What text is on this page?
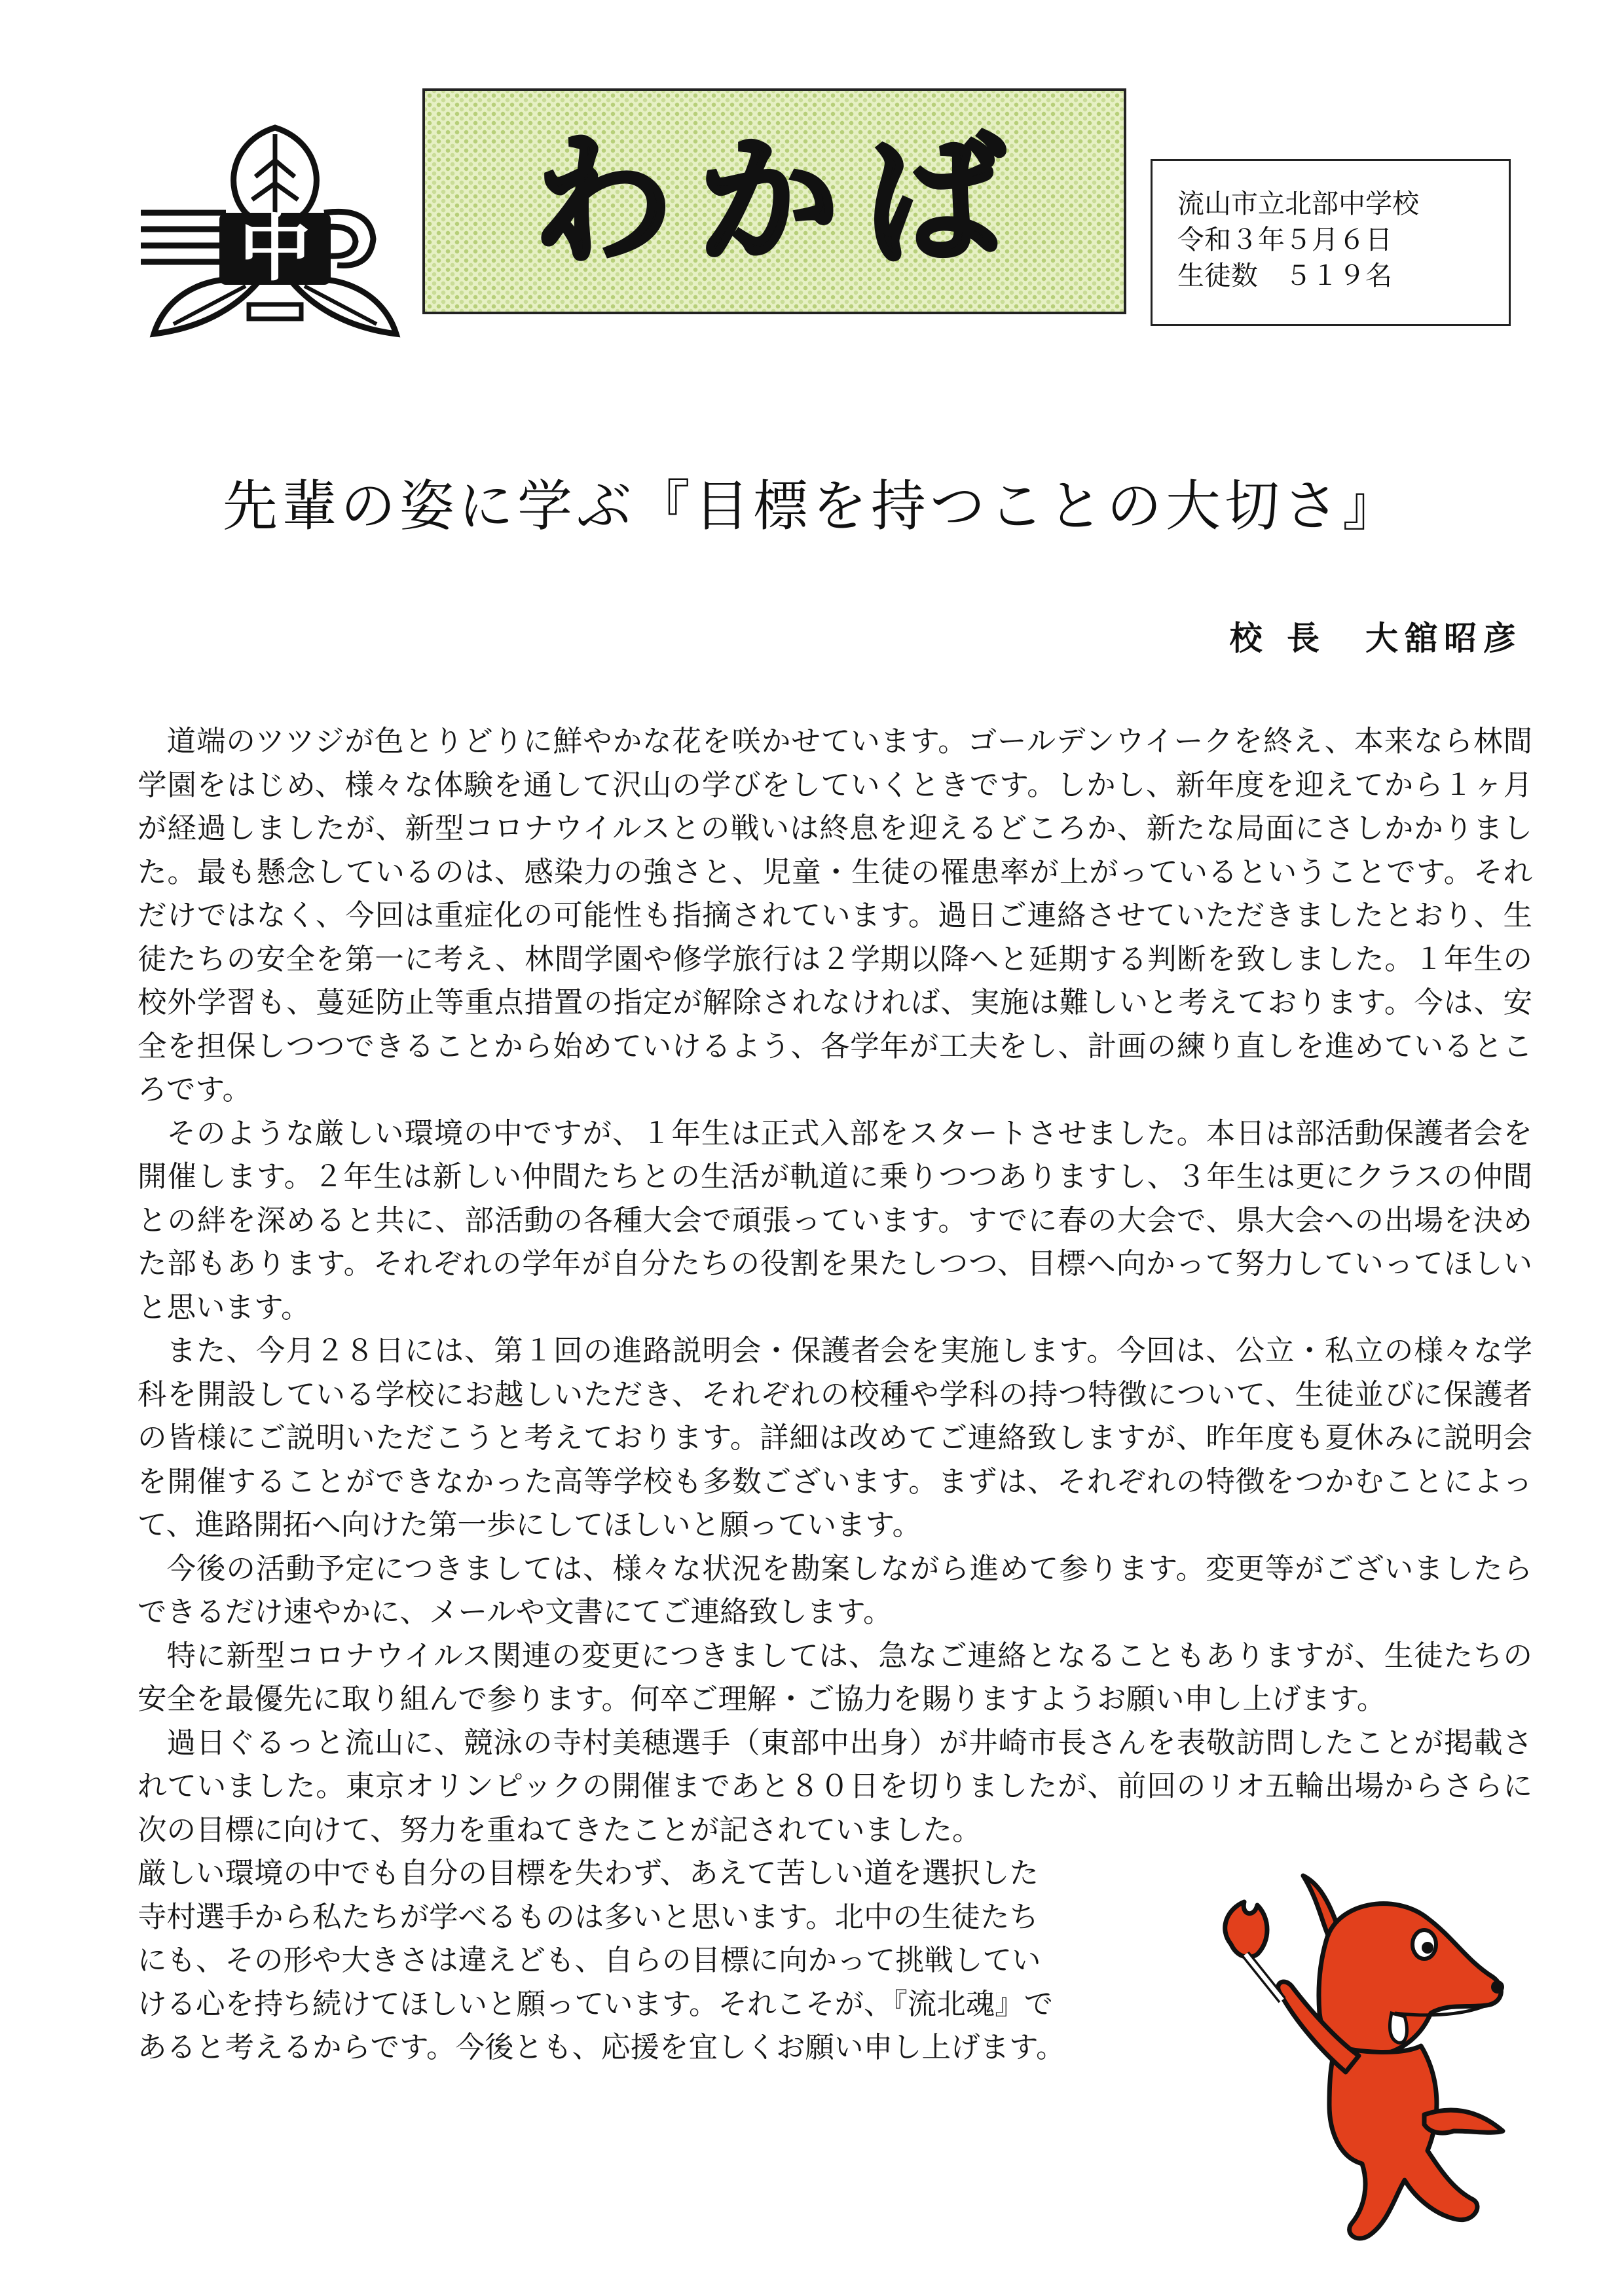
中 わかば	流山市立北部中学校
令和３年５月６日
生徒数　５１９名
先輩の姿に学ぶ『目標を持つことの大切さ』
校 長 大舘昭彦

道端のツツジが色とりどりに鮮やかな花を咲かせています。ゴールデンウイークを終え、本来なら林間学園をはじめ、様々な体験を通して沢山の学びをしていくときです。しかし、新年度を迎えてから１ヶ月が経過しましたが、新型コロナウイルスとの戦いは終息を迎えるどころか、新たな局面にさしかかりました。最も懸念しているのは、感染力の強さと、児童・生徒の罹患率が上がっているということです。それだけではなく、今回は重症化の可能性も指摘されています。過日ご連絡させていただきましたとおり、生徒たちの安全を第一に考え、林間学園や修学旅行は２学期以降へと延期する判断を致しました。１年生の校外学習も、蔓延防止等重点措置の指定が解除されなければ、実施は難しいと考えております。今は、安全を担保しつつできることから始めていけるよう、各学年が工夫をし、計画の練り直しを進めているところです。

そのような厳しい環境の中ですが、１年生は正式入部をスタートさせました。本日は部活動保護者会を開催します。２年生は新しい仲間たちとの生活が軌道に乗りつつありますし、３年生は更にクラスの仲間との絆を深めると共に、部活動の各種大会で頑張っています。すでに春の大会で、県大会への出場を決めた部もあります。それぞれの学年が自分たちの役割を果たしつつ、目標へ向かって努力していってほしいと思います。

また、今月２８日には、第１回の進路説明会・保護者会を実施します。今回は、公立・私立の様々な学科を開設している学校にお越しいただき、それぞれの校種や学科の持つ特徴について、生徒並びに保護者の皆様にご説明いただこうと考えております。詳細は改めてご連絡致しますが、昨年度も夏休みに説明会を開催することができなかった高等学校も多数ございます。まずは、それぞれの特徴をつかむことによって、進路開拓へ向けた第一歩にしてほしいと願っています。

今後の活動予定につきましては、様々な状況を勘案しながら進めて参ります。変更等がございましたらできるだけ速やかに、メールや文書にてご連絡致します。

特に新型コロナウイルス関連の変更につきましては、急なご連絡となることもありますが、生徒たちの安全を最優先に取り組んで参ります。何卒ご理解・ご協力を賜りますようお願い申し上げます。

過日ぐるっと流山に、競泳の寺村美穂選手（東部中出身）が井崎市長さんを表敬訪問したことが掲載されていました。東京オリンピックの開催まであと８０日を切りましたが、前回のリオ五輪出場からさらに次の目標に向けて、努力を重ねてきたことが記されていました。

厳しい環境の中でも自分の目標を失わず、あえて苦しい道を選択した

寺村選手から私たちが学べるものは多いと思います。北中の生徒たち

にも、その形や大きさは違えども、自らの目標に向かって挑戦してい

ける心を持ち続けてほしいと願っています。それこそが、『流北魂』で

あると考えるからです。今後とも、応援を宜しくお願い申し上げます。
